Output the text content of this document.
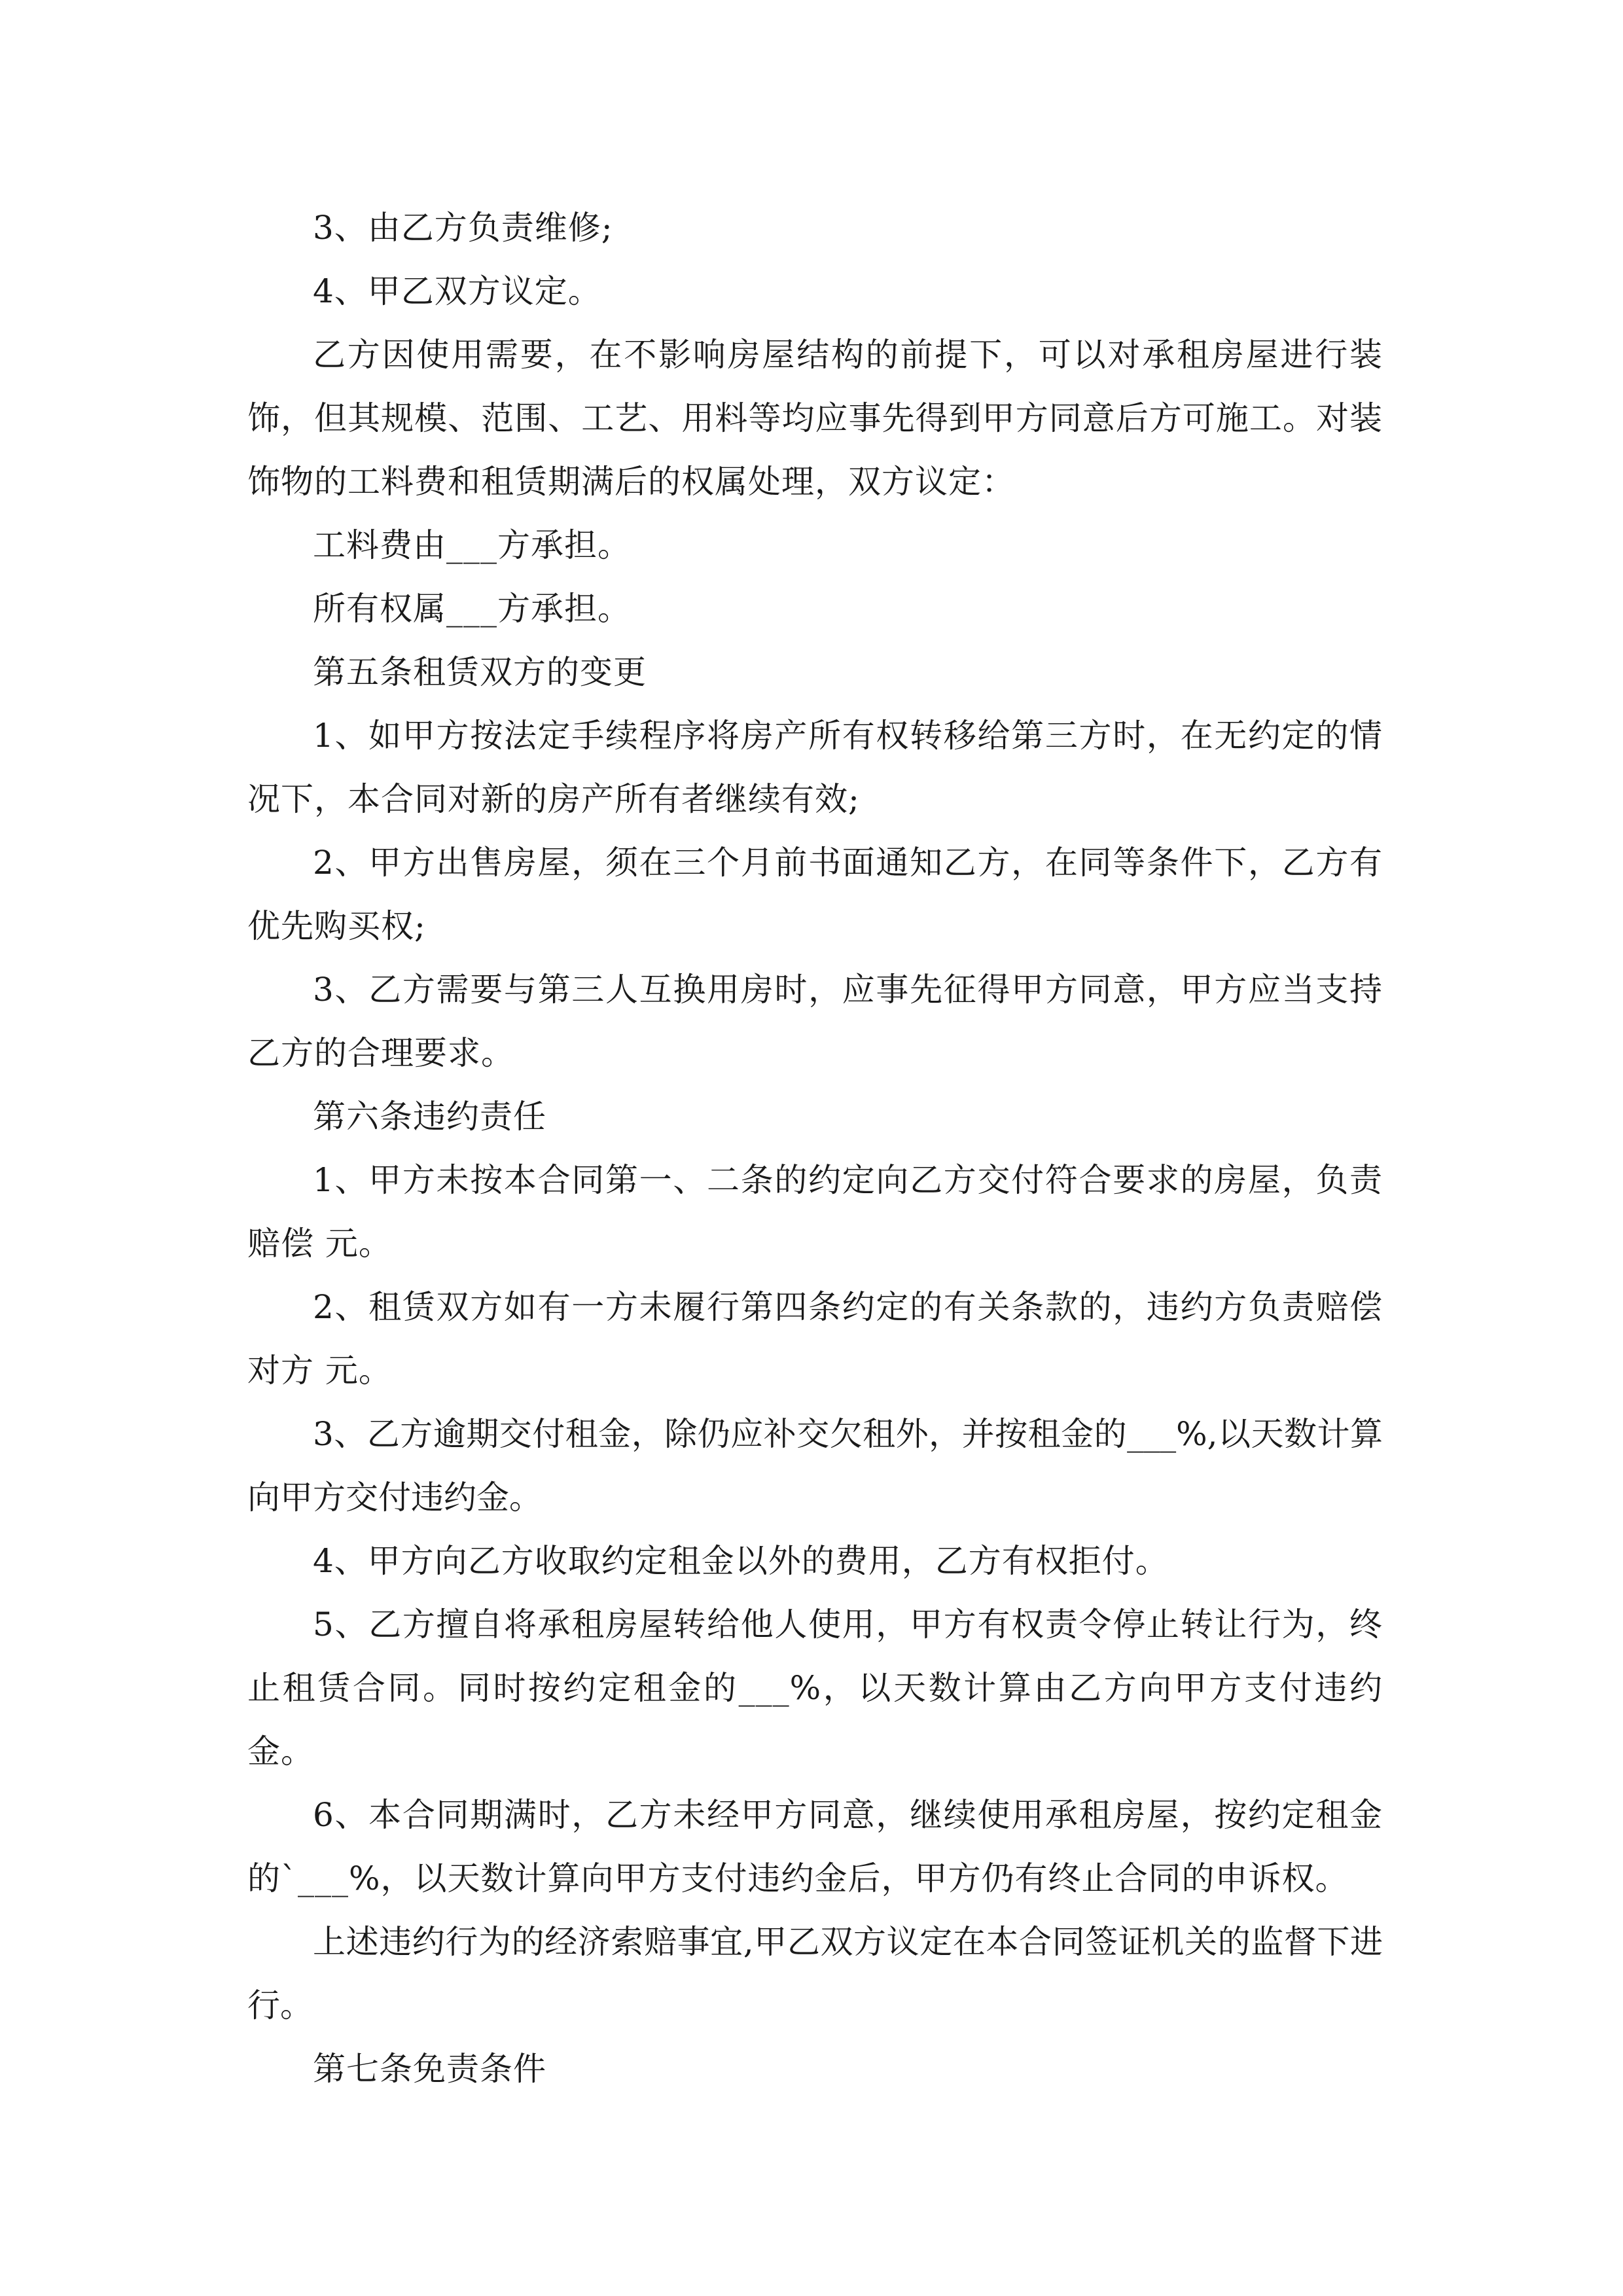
3、由乙方负责维修;

4、甲乙双方议定。

乙方因使用需要，在不影响房屋结构的前提下，可以对承租房屋进行装饰，但其规模、范围、工艺、用料等均应事先得到甲方同意后方可施工。对装饰物的工料费和租赁期满后的权属处理，双方议定：

工料费由___方承担。

所有权属___方承担。

第五条租赁双方的变更

1、如甲方按法定手续程序将房产所有权转移给第三方时，在无约定的情况下，本合同对新的房产所有者继续有效;

2、甲方出售房屋，须在三个月前书面通知乙方，在同等条件下，乙方有优先购买权;

3、乙方需要与第三人互换用房时，应事先征得甲方同意，甲方应当支持乙方的合理要求。

第六条违约责任

1、甲方未按本合同第一、二条的约定向乙方交付符合要求的房屋，负责赔偿 元。

2、租赁双方如有一方未履行第四条约定的有关条款的，违约方负责赔偿对方 元。

3、乙方逾期交付租金，除仍应补交欠租外，并按租金的___%,以天数计算向甲方交付违约金。

4、甲方向乙方收取约定租金以外的费用，乙方有权拒付。

5、乙方擅自将承租房屋转给他人使用，甲方有权责令停止转让行为，终止租赁合同。同时按约定租金的___%，以天数计算由乙方向甲方支付违约金。

6、本合同期满时，乙方未经甲方同意，继续使用承租房屋，按约定租金的`___%，以天数计算向甲方支付违约金后，甲方仍有终止合同的申诉权。

上述违约行为的经济索赔事宜,甲乙双方议定在本合同签证机关的监督下进行。

第七条免责条件
